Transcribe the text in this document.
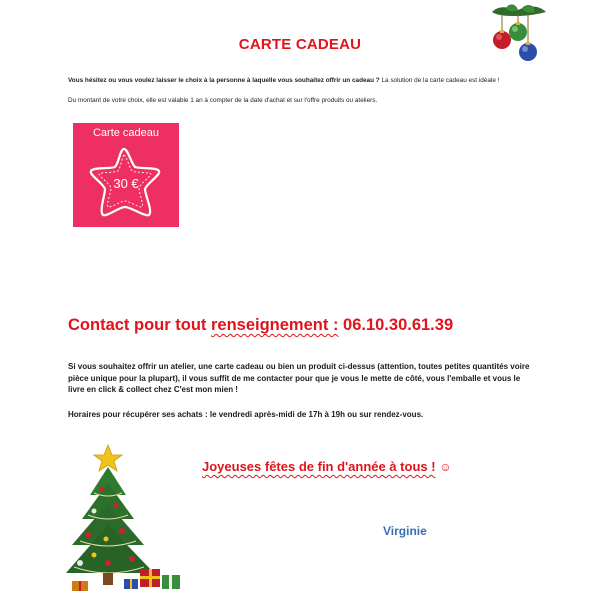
CARTE CADEAU
Vous hésitez ou vous voulez laisser le choix à la personne à laquelle vous souhaitez offrir un cadeau ? La solution de la carte cadeau est idéale !
Du montant de votre choix, elle est valable 1 an à compter de la date d'achat et sur l'offre produits ou ateliers.
Carte cadeau
30 €
Contact pour tout renseignement : 06.10.30.61.39
Si vous souhaitez offrir un atelier, une carte cadeau ou bien un produit ci-dessus (attention, toutes petites quantités voire pièce unique pour la plupart), il vous suffit de me contacter pour que je vous le mette de côté, vous l'emballe et vous le livre en click & collect chez C'est mon mien !
Horaires pour récupérer ses achats : le vendredi après-midi de 17h à 19h ou sur rendez-vous.
Joyeuses fêtes de fin d'année à tous ! ☺
Virginie
